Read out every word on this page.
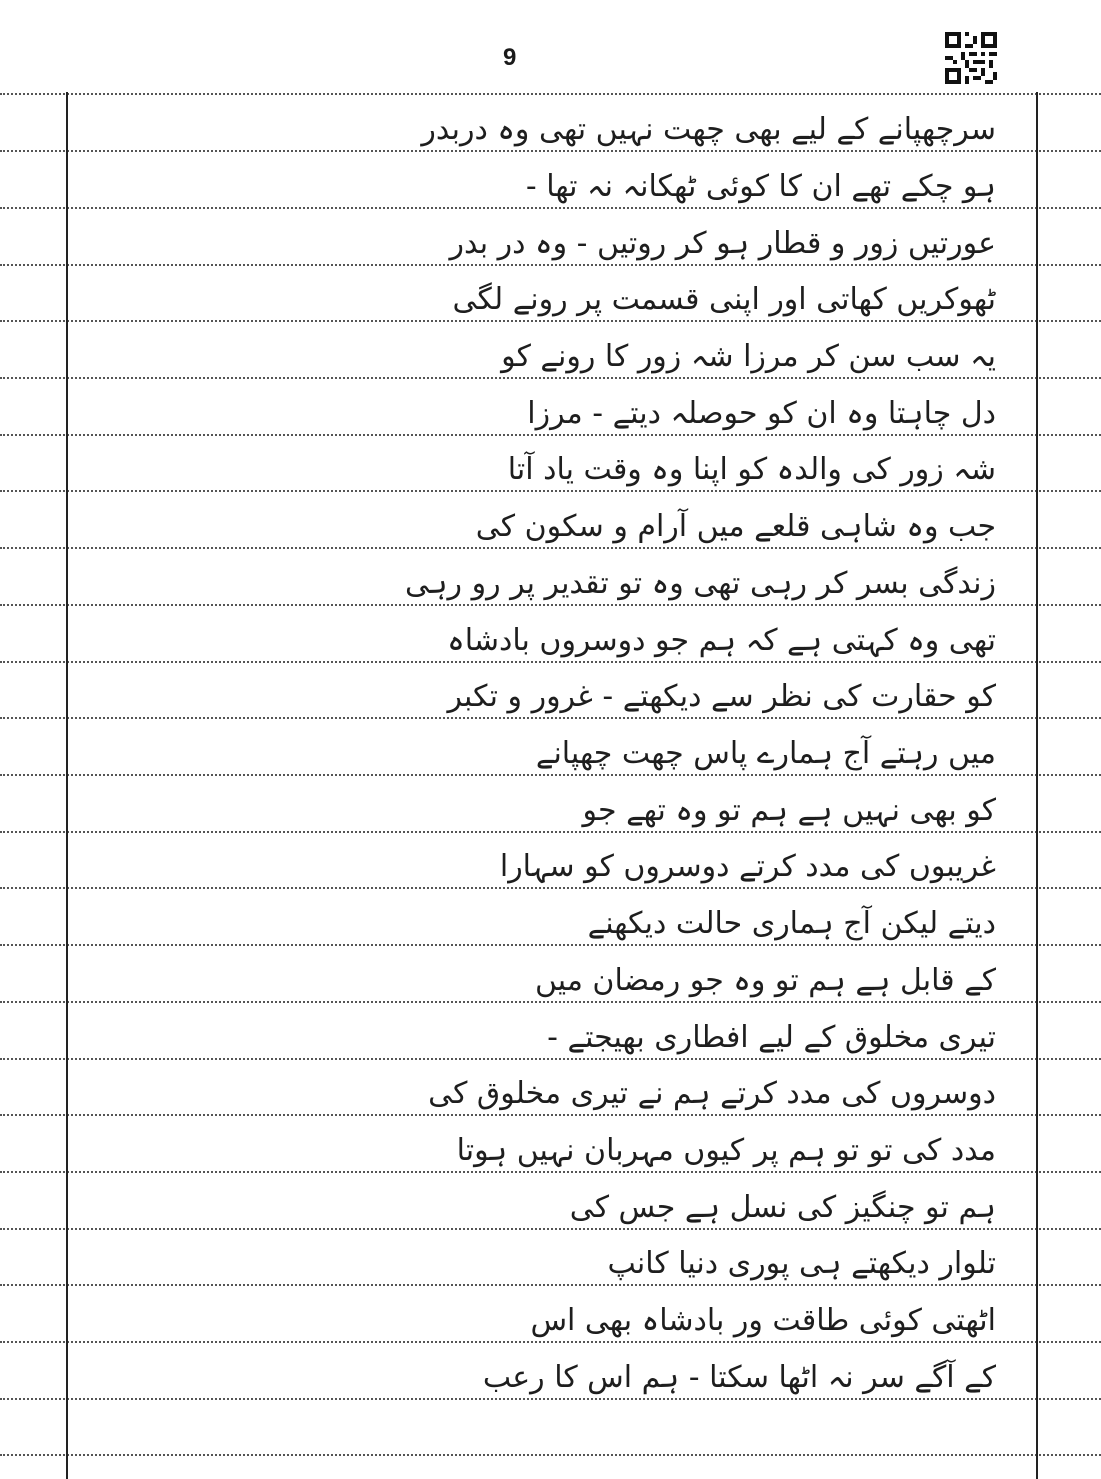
9
سرچھپانے کے لیے بھی چھت نہیں تھی وہ دربدر
ہو چکے تھے ان کا کوئی ٹھکانہ نہ تھا -
عورتیں زور و قطار ہو کر روتیں - وہ در بدر
ٹھوکریں کھاتی اور اپنی قسمت پر رونے لگی
یہ سب سن کر مرزا شہ زور کا رونے کو
دل چاہتا وہ ان کو حوصلہ دیتے - مرزا
شہ زور کی والدہ کو اپنا وہ وقت یاد آتا
جب وہ شاہی قلعے میں آرام و سکون کی
زندگی بسر کر رہی تھی وہ تو تقدیر پر رو رہی
تھی وہ کہتی ہے کہ ہم جو دوسروں بادشاہ
کو حقارت کی نظر سے دیکھتے - غرور و تکبر
میں رہتے آج ہمارے پاس چھت چھپانے
کو بھی نہیں ہے ہم تو وہ تھے جو
غریبوں کی مدد کرتے دوسروں کو سہارا
دیتے لیکن آج ہماری حالت دیکھنے
کے قابل ہے ہم تو وہ جو رمضان میں
تیری مخلوق کے لیے افطاری بھیجتے -
دوسروں کی مدد کرتے ہم نے تیری مخلوق کی
مدد کی تو تو ہم پر کیوں مہربان نہیں ہوتا
ہم تو چنگیز کی نسل ہے جس کی
تلوار دیکھتے ہی پوری دنیا کانپ
اٹھتی کوئی طاقت ور بادشاہ بھی اس
کے آگے سر نہ اٹھا سکتا - ہم اس کا رعب
